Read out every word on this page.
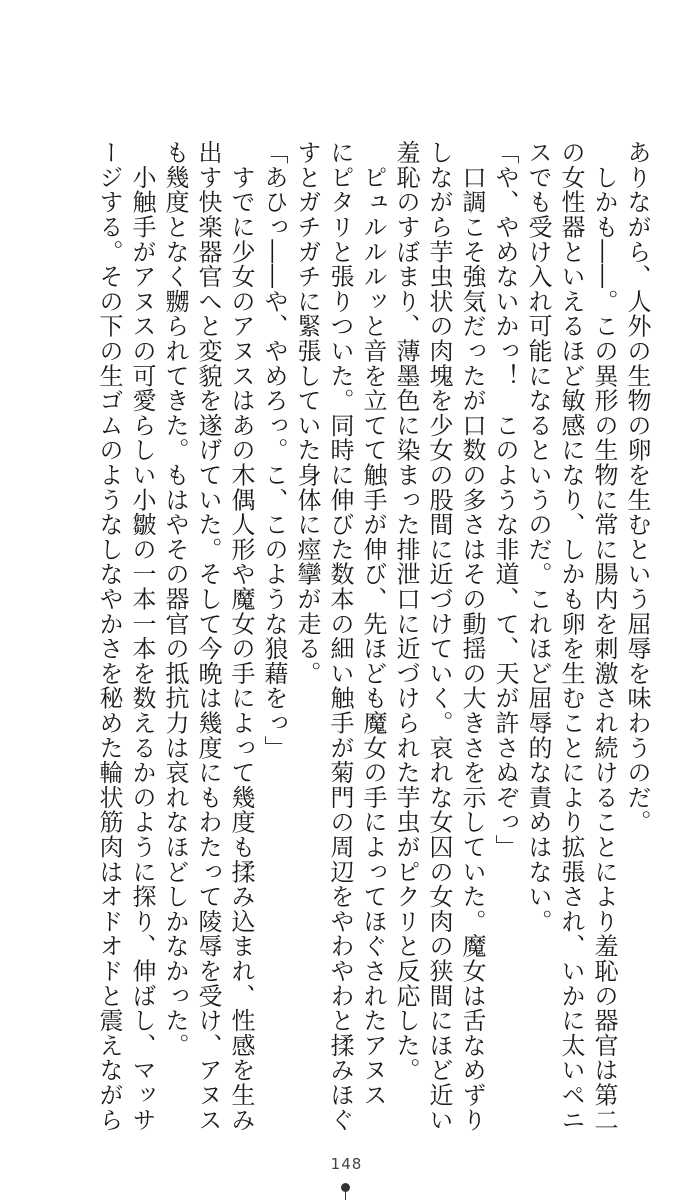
ありながら、人外の生物の卵を生むという屈辱を味わうのだ。
　しかも――。この異形の生物に常に腸内を刺激され続けることにより羞恥の器官は第二
の女性器といえるほど敏感になり、しかも卵を生むことにより拡張され、いかに太いペニ
スでも受け入れ可能になるというのだ。これほど屈辱的な責めはない。
「や、やめないかっ！　このような非道、て、天が許さぬぞっ」
　口調こそ強気だったが口数の多さはその動揺の大きさを示していた。魔女は舌なめずり
しながら芋虫状の肉塊を少女の股間に近づけていく。哀れな女囚の女肉の狭間にほど近い
羞恥のすぼまり、薄墨色に染まった排泄口に近づけられた芋虫がピクリと反応した。
　ピュルルルッと音を立てて触手が伸び、先ほども魔女の手によってほぐされたアヌス
にピタリと張りついた。同時に伸びた数本の細い触手が菊門の周辺をやわやわと揉みほぐ
すとガチガチに緊張していた身体に痙攣が走る。
「あひっ――や、やめろっ。こ、このような狼藉をっ」
　すでに少女のアヌスはあの木偶人形や魔女の手によって幾度も揉み込まれ、性感を生み
出す快楽器官へと変貌を遂げていた。そして今晩は幾度にもわたって陵辱を受け、アヌス
も幾度となく嬲られてきた。もはやその器官の抵抗力は哀れなほどしかなかった。
　小触手がアヌスの可愛らしい小皺の一本一本を数えるかのように探り、伸ばし、マッサ
ージする。その下の生ゴムのようなしなやかさを秘めた輪状筋肉はオドオドと震えながら
148
